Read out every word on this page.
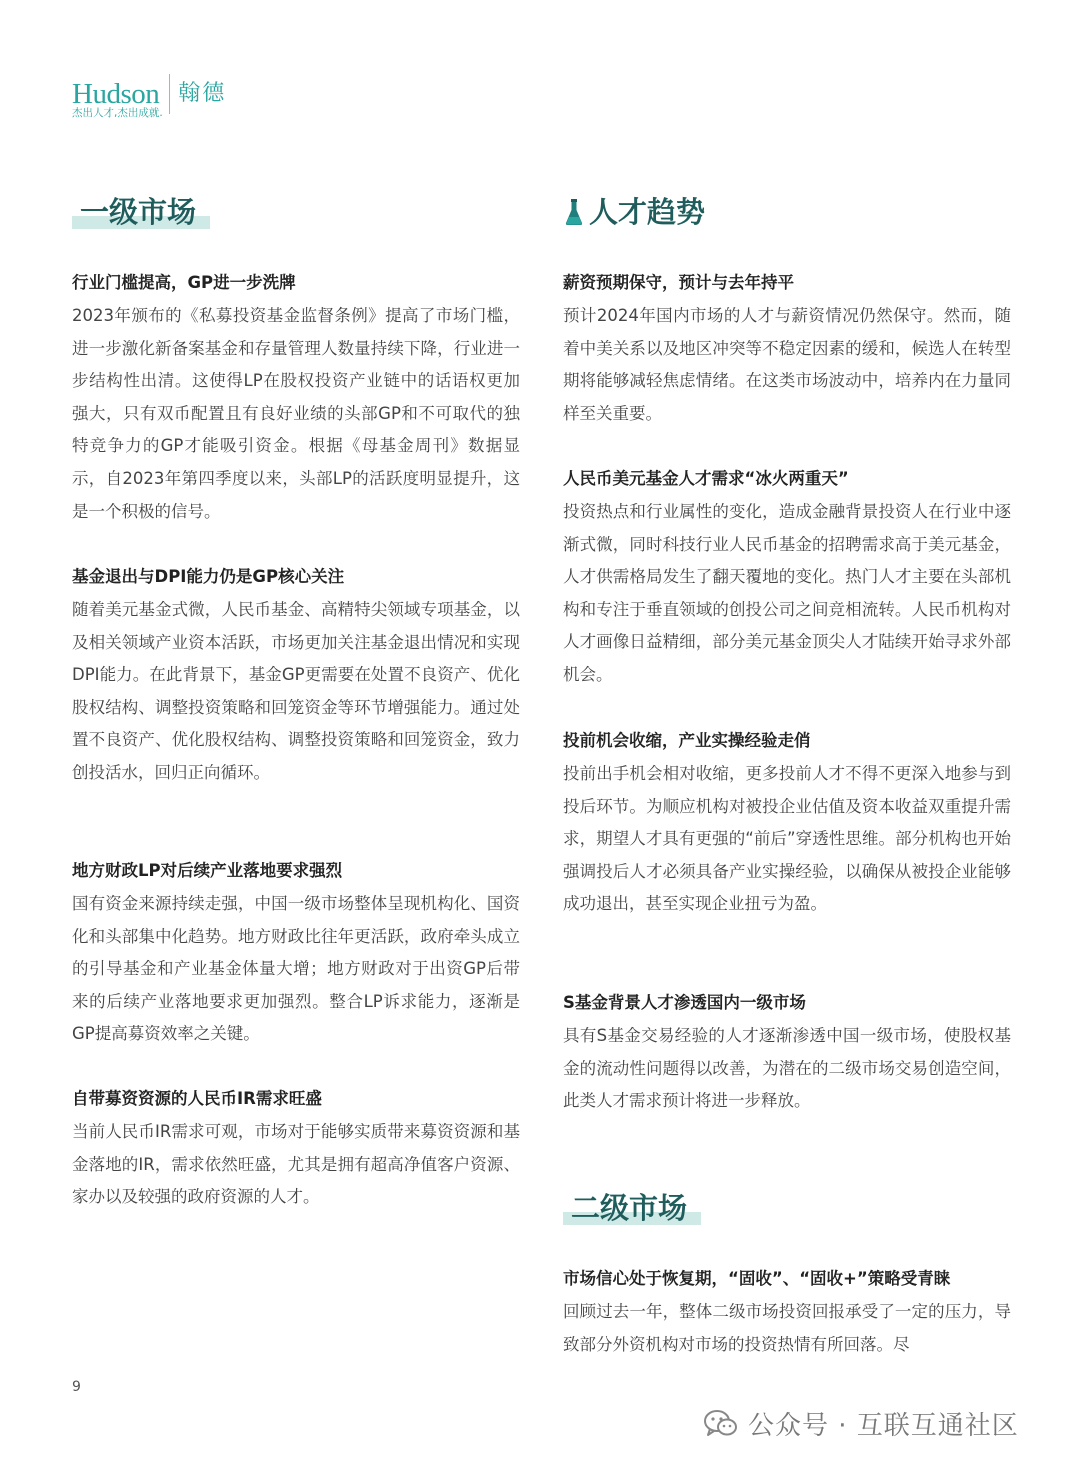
Hudson 翰德
杰出人才,杰出成就.
一级市场
行业门槛提高，GP进一步洗牌

2023年颁布的《私募投资基金监督条例》提高了市场门槛，进一步激化新备案基金和存量管理人数量持续下降，行业进一步结构性出清。这使得LP在股权投资产业链中的话语权更加强大，只有双币配置且有良好业绩的头部GP和不可取代的独特竞争力的GP才能吸引资金。根据《母基金周刊》数据显示，自2023年第四季度以来，头部LP的活跃度明显提升，这是一个积极的信号。

基金退出与DPI能力仍是GP核心关注

随着美元基金式微，人民币基金、高精特尖领域专项基金，以及相关领域产业资本活跃，市场更加关注基金退出情况和实现DPI能力。在此背景下，基金GP更需要在处置不良资产、优化股权结构、调整投资策略和回笼资金等环节增强能力。通过处置不良资产、优化股权结构、调整投资策略和回笼资金，致力创投活水，回归正向循环。

地方财政LP对后续产业落地要求强烈

国有资金来源持续走强，中国一级市场整体呈现机构化、国资化和头部集中化趋势。地方财政比往年更活跃，政府牵头成立的引导基金和产业基金体量大增；地方财政对于出资GP后带来的后续产业落地要求更加强烈。整合LP诉求能力，逐渐是GP提高募资效率之关键。

自带募资资源的人民币IR需求旺盛

当前人民币IR需求可观，市场对于能够实质带来募资资源和基金落地的IR，需求依然旺盛，尤其是拥有超高净值客户资源、家办以及较强的政府资源的人才。

人才趋势
薪资预期保守，预计与去年持平

预计2024年国内市场的人才与薪资情况仍然保守。然而，随着中美关系以及地区冲突等不稳定因素的缓和，候选人在转型期将能够减轻焦虑情绪。在这类市场波动中，培养内在力量同样至关重要。

人民币美元基金人才需求“冰火两重天”

投资热点和行业属性的变化，造成金融背景投资人在行业中逐渐式微，同时科技行业人民币基金的招聘需求高于美元基金，人才供需格局发生了翻天覆地的变化。热门人才主要在头部机构和专注于垂直领域的创投公司之间竞相流转。人民币机构对人才画像日益精细，部分美元基金顶尖人才陆续开始寻求外部机会。

投前机会收缩，产业实操经验走俏

投前出手机会相对收缩，更多投前人才不得不更深入地参与到投后环节。为顺应机构对被投企业估值及资本收益双重提升需求，期望人才具有更强的“前后”穿透性思维。部分机构也开始强调投后人才必须具备产业实操经验，以确保从被投企业能够成功退出，甚至实现企业扭亏为盈。

S基金背景人才渗透国内一级市场

具有S基金交易经验的人才逐渐渗透中国一级市场，使股权基金的流动性问题得以改善，为潜在的二级市场交易创造空间，此类人才需求预计将进一步释放。

二级市场
市场信心处于恢复期，“固收”、“固收+”策略受青睐

回顾过去一年，整体二级市场投资回报承受了一定的压力，导致部分外资机构对市场的投资热情有所回落。尽

9
公众号 · 互联互通社区
